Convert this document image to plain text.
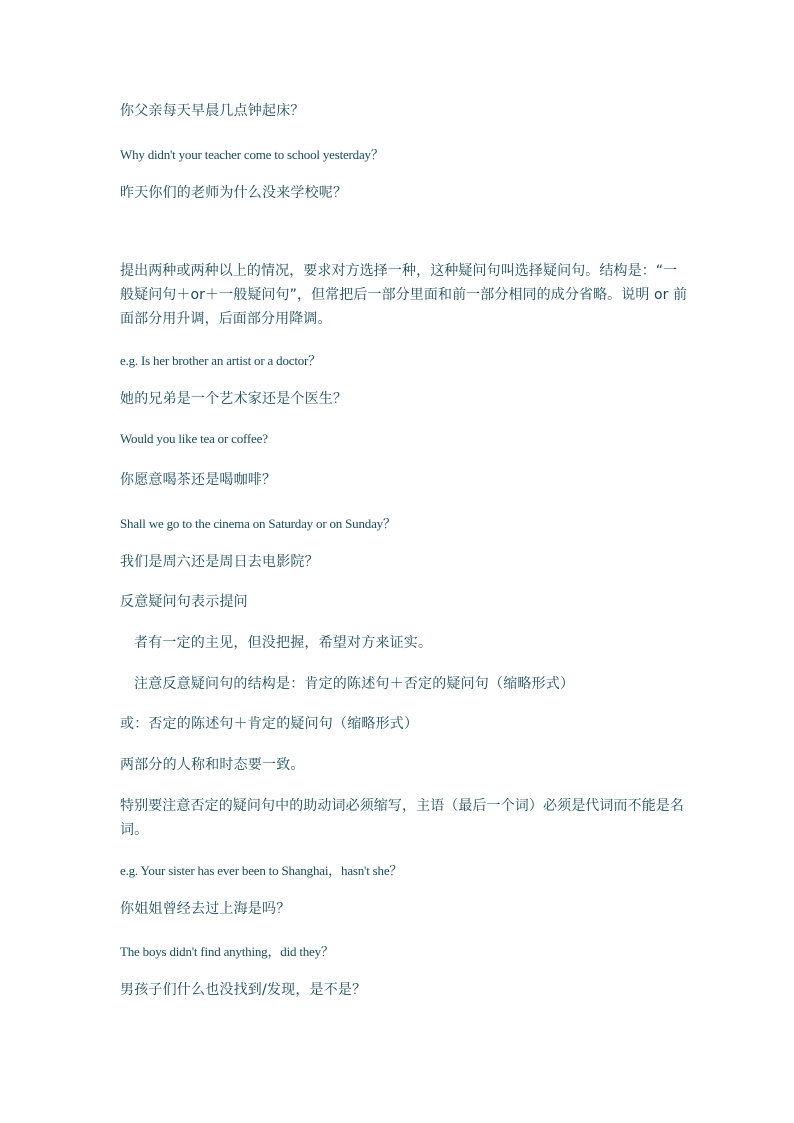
你父亲每天早晨几点钟起床？
Why didn't your teacher come to school yesterday？
昨天你们的老师为什么没来学校呢？
提出两种或两种以上的情况，要求对方选择一种，这种疑问句叫选择疑问句。结构是：“一
般疑问句＋or＋一般疑问句”，但常把后一部分里面和前一部分相同的成分省略。说明 or 前
面部分用升调，后面部分用降调。
e.g. Is her brother an artist or a doctor？
她的兄弟是一个艺术家还是个医生？
Would you like tea or coffee?
你愿意喝茶还是喝咖啡？
Shall we go to the cinema on Saturday or on Sunday？
我们是周六还是周日去电影院？
反意疑问句表示提问
者有一定的主见，但没把握，希望对方来证实。
注意反意疑问句的结构是：肯定的陈述句＋否定的疑问句（缩略形式）
或：否定的陈述句＋肯定的疑问句（缩略形式）
两部分的人称和时态要一致。
特别要注意否定的疑问句中的助动词必须缩写，主语（最后一个词）必须是代词而不能是名
词。
e.g. Your sister has ever been to Shanghai，hasn't she？
你姐姐曾经去过上海是吗？
The boys didn't find anything，did they？
男孩子们什么也没找到/发现，是不是？
